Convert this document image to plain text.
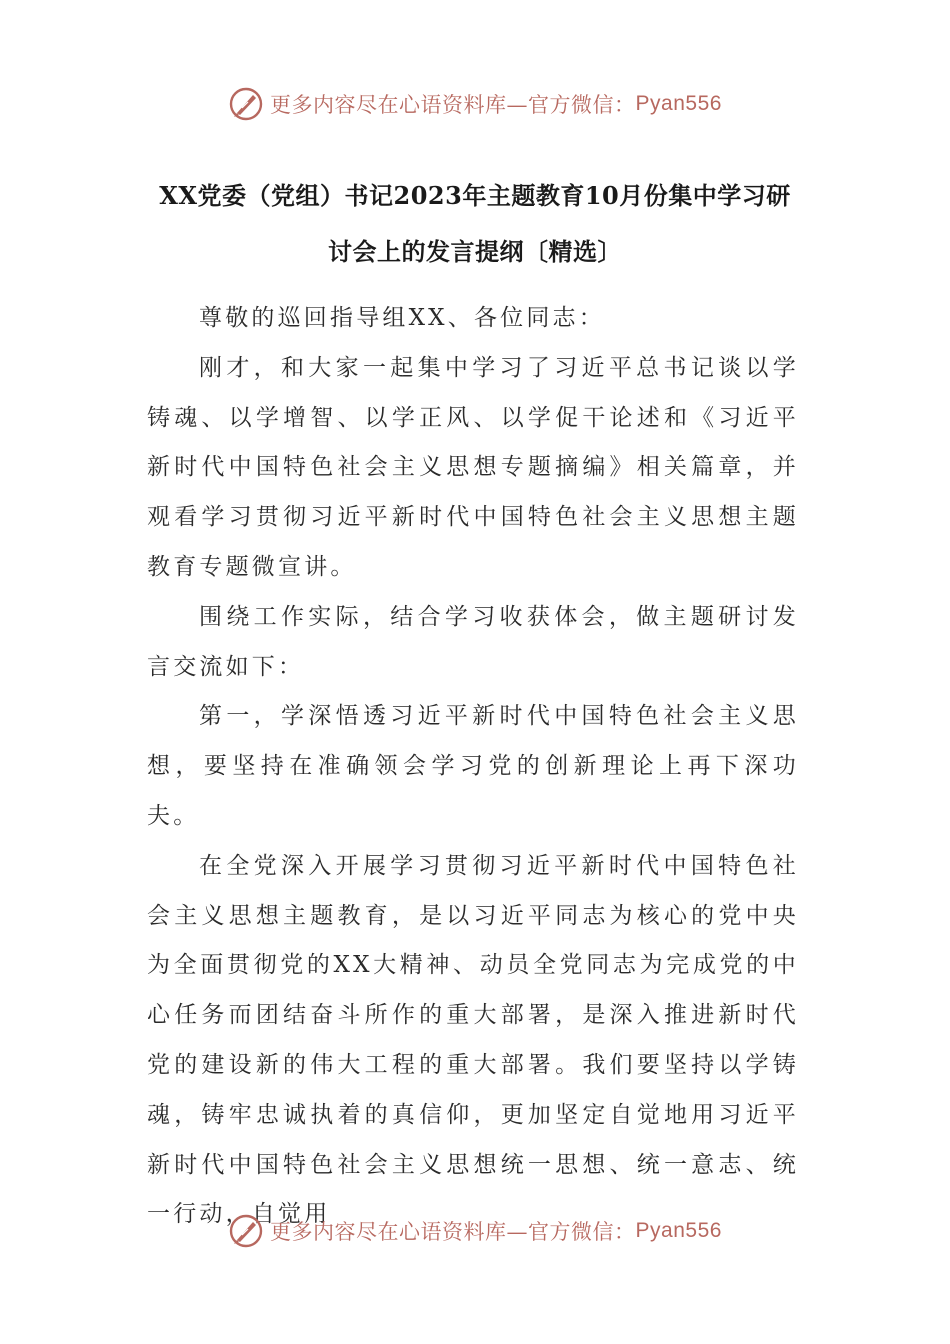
更多内容尽在心语资料库—官方微信： Pyan556
XX党委（党组）书记2023年主题教育10月份集中学习研讨会上的发言提纲〔精选〕

尊敬的巡回指导组XX、各位同志：

刚才，和大家一起集中学习了习近平总书记谈以学铸魂、以学增智、以学正风、以学促干论述和《习近平新时代中国特色社会主义思想专题摘编》相关篇章，并观看学习贯彻习近平新时代中国特色社会主义思想主题教育专题微宣讲。

围绕工作实际，结合学习收获体会，做主题研讨发言交流如下：

第一，学深悟透习近平新时代中国特色社会主义思想，要坚持在准确领会学习党的创新理论上再下深功夫。

在全党深入开展学习贯彻习近平新时代中国特色社会主义思想主题教育，是以习近平同志为核心的党中央为全面贯彻党的XX大精神、动员全党同志为完成党的中心任务而团结奋斗所作的重大部署，是深入推进新时代党的建设新的伟大工程的重大部署。我们要坚持以学铸魂，铸牢忠诚执着的真信仰，更加坚定自觉地用习近平新时代中国特色社会主义思想统一思想、统一意志、统一行动，自觉用

更多内容尽在心语资料库—官方微信： Pyan556
